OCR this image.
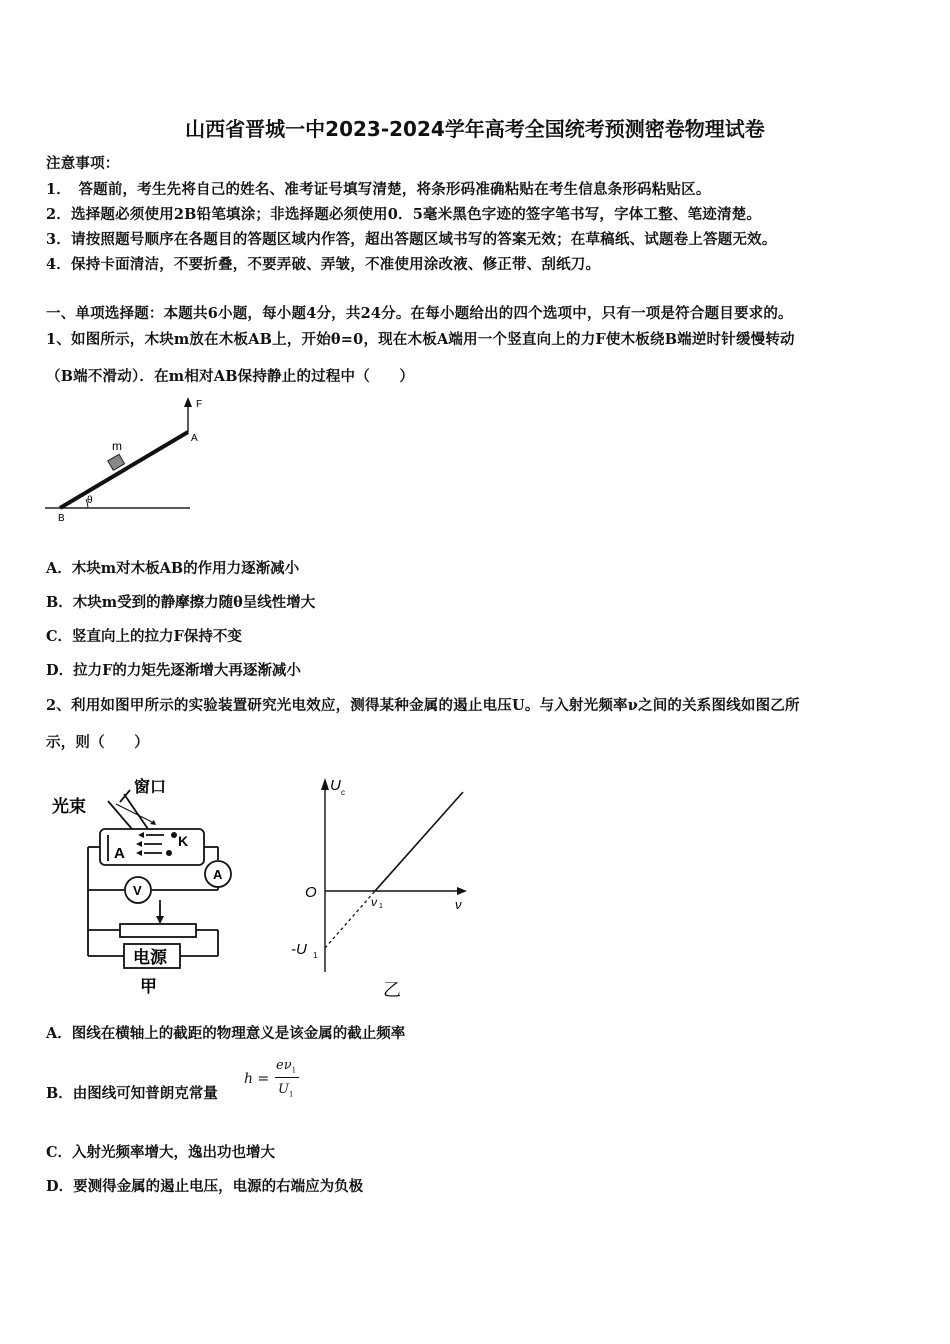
山西省晋城一中2023-2024学年高考全国统考预测密卷物理试卷
注意事项：
1．　答题前，考生先将自己的姓名、准考证号填写清楚，将条形码准确粘贴在考生信息条形码粘贴区。
2．选择题必须使用2B铅笔填涂；非选择题必须使用0．5毫米黑色字迹的签字笔书写，字体工整、笔迹清楚。
3．请按照题号顺序在各题目的答题区域内作答，超出答题区域书写的答案无效；在草稿纸、试题卷上答题无效。
4．保持卡面清洁，不要折叠，不要弄破、弄皱，不准使用涂改液、修正带、刮纸刀。
一、单项选择题：本题共6小题，每小题4分，共24分。在每小题给出的四个选项中，只有一项是符合题目要求的。
1、如图所示，木块m放在木板AB上，开始θ=0，现在木板A端用一个竖直向上的力F使木板绕B端逆时针缓慢转动
（B端不滑动）．在m相对AB保持静止的过程中（　　）
F
A
m
B
θ
A．木块m对木板AB的作用力逐渐减小
B．木块m受到的静摩擦力随θ呈线性增大
C．竖直向上的拉力F保持不变
D．拉力F的力矩先逐渐增大再逐渐减小
2、利用如图甲所示的实验装置研究光电效应，测得某种金属的遏止电压U。与入射光频率ν之间的关系图线如图乙所
示，则（　　）
光束
窗口
A
K
A
V
电源
甲
U c
O
ν
ν 1
-U 1
乙
A．图线在横轴上的截距的物理意义是该金属的截止频率
B．由图线可知普朗克常量
h =
$e\nu_1$
$U_1$
C．入射光频率增大，逸出功也增大
D．要测得金属的遏止电压，电源的右端应为负极
